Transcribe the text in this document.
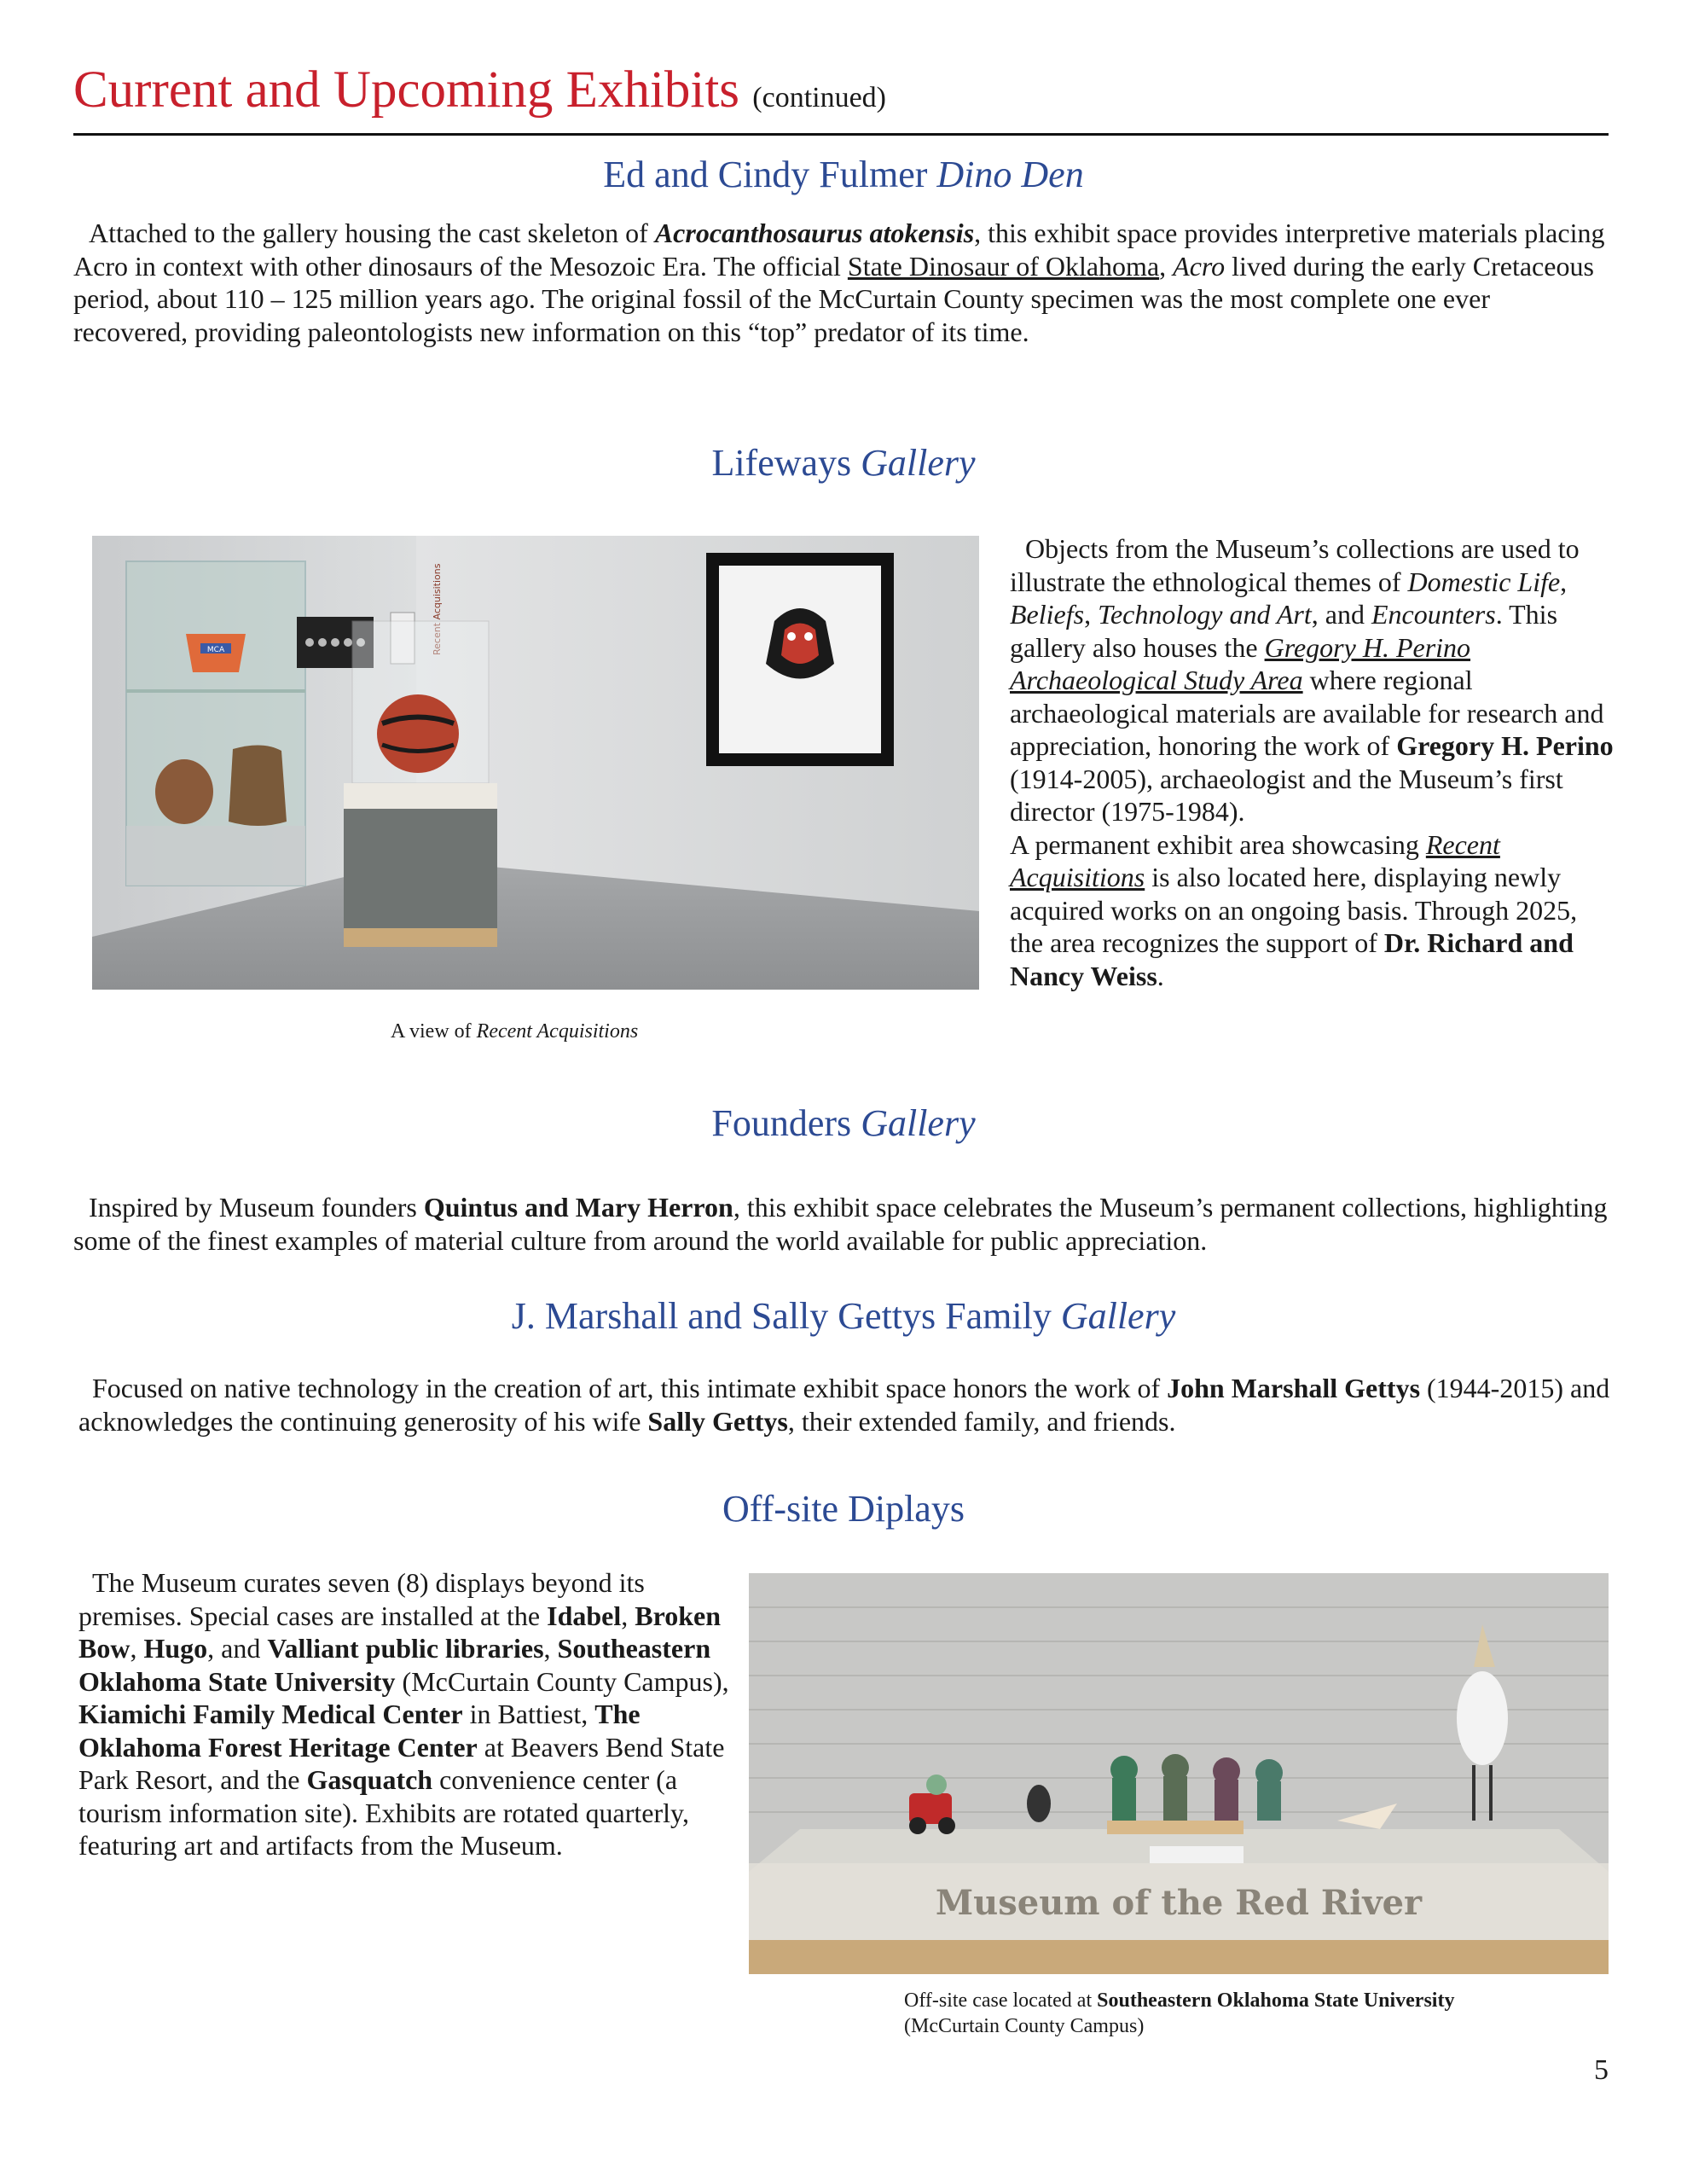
Current and Upcoming Exhibits (continued)
Ed and Cindy Fulmer Dino Den
Attached to the gallery housing the cast skeleton of Acrocanthosaurus atokensis, this exhibit space provides interpretive materials placing Acro in context with other dinosaurs of the Mesozoic Era. The official State Dinosaur of Oklahoma, Acro lived during the early Cretaceous period, about 110 – 125 million years ago. The original fossil of the McCurtain County specimen was the most complete one ever recovered, providing paleontologists new information on this “top” predator of its time.
Lifeways Gallery
MCA	Recent Acquisitions
Objects from the Museum’s collections are used to illustrate the ethnological themes of Domestic Life, Beliefs, Technology and Art, and Encounters. This gallery also houses the Gregory H. Perino Archaeological Study Area where regional archaeological materials are available for research and appreciation, honoring the work of Gregory H. Perino (1914-2005), archaeologist and the Museum’s first director (1975-1984).
A permanent exhibit area showcasing Recent Acquisitions is also located here, displaying newly acquired works on an ongoing basis. Through 2025, the area recognizes the support of Dr. Richard and Nancy Weiss.
A view of Recent Acquisitions
Founders Gallery
Inspired by Museum founders Quintus and Mary Herron, this exhibit space celebrates the Museum’s permanent collections, highlighting some of the finest examples of material culture from around the world available for public appreciation.
J. Marshall and Sally Gettys Family Gallery
Focused on native technology in the creation of art, this intimate exhibit space honors the work of John Marshall Gettys (1944-2015) and acknowledges the continuing generosity of his wife Sally Gettys, their extended family, and friends.
Off-site Diplays
The Museum curates seven (8) displays beyond its premises. Special cases are installed at the Idabel, Broken Bow, Hugo, and Valliant public libraries, Southeastern Oklahoma State University (McCurtain County Campus), Kiamichi Family Medical Center in Battiest, The Oklahoma Forest Heritage Center at Beavers Bend State Park Resort, and the Gasquatch convenience center (a tourism information site). Exhibits are rotated quarterly, featuring art and artifacts from the Museum.
Museum of the Red River
Off-site case located at Southeastern Oklahoma State University (McCurtain County Campus)
5
